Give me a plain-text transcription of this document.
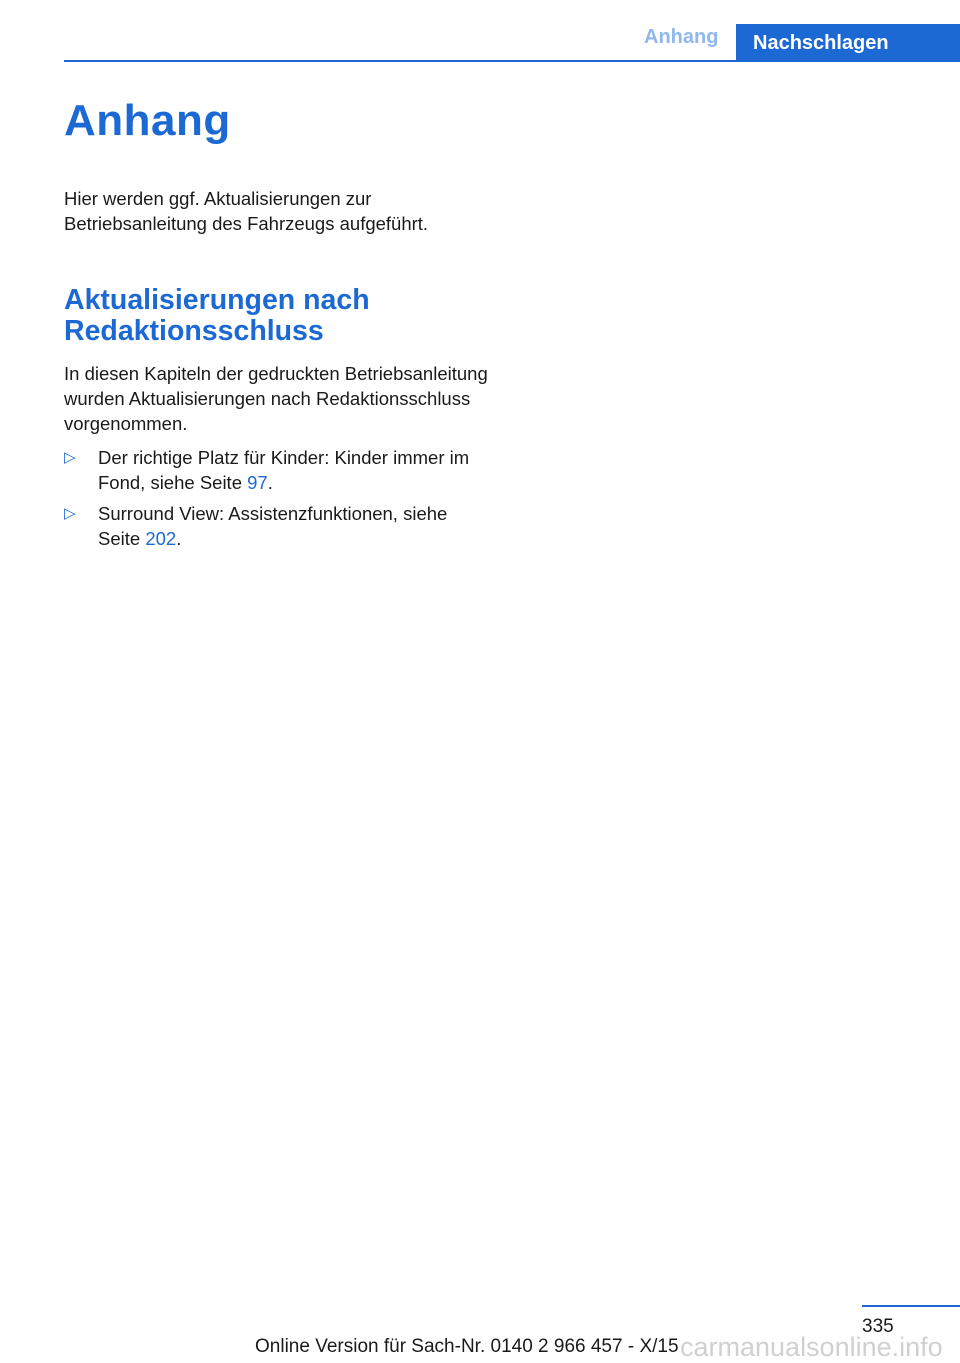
Anhang	Nachschlagen
Anhang

Hier werden ggf. Aktualisierungen zur Betriebsanleitung des Fahrzeugs aufgeführt.

Aktualisierungen nach Redaktionsschluss

In diesen Kapiteln der gedruckten Betriebsanleitung wurden Aktualisierungen nach Redaktionsschluss vorgenommen.

▷ Der richtige Platz für Kinder: Kinder immer im Fond, siehe Seite 97.
▷ Surround View: Assistenzfunktionen, siehe Seite 202.
335
carmanualsonline.info
Online Version für Sach-Nr. 0140 2 966 457 - X/15
